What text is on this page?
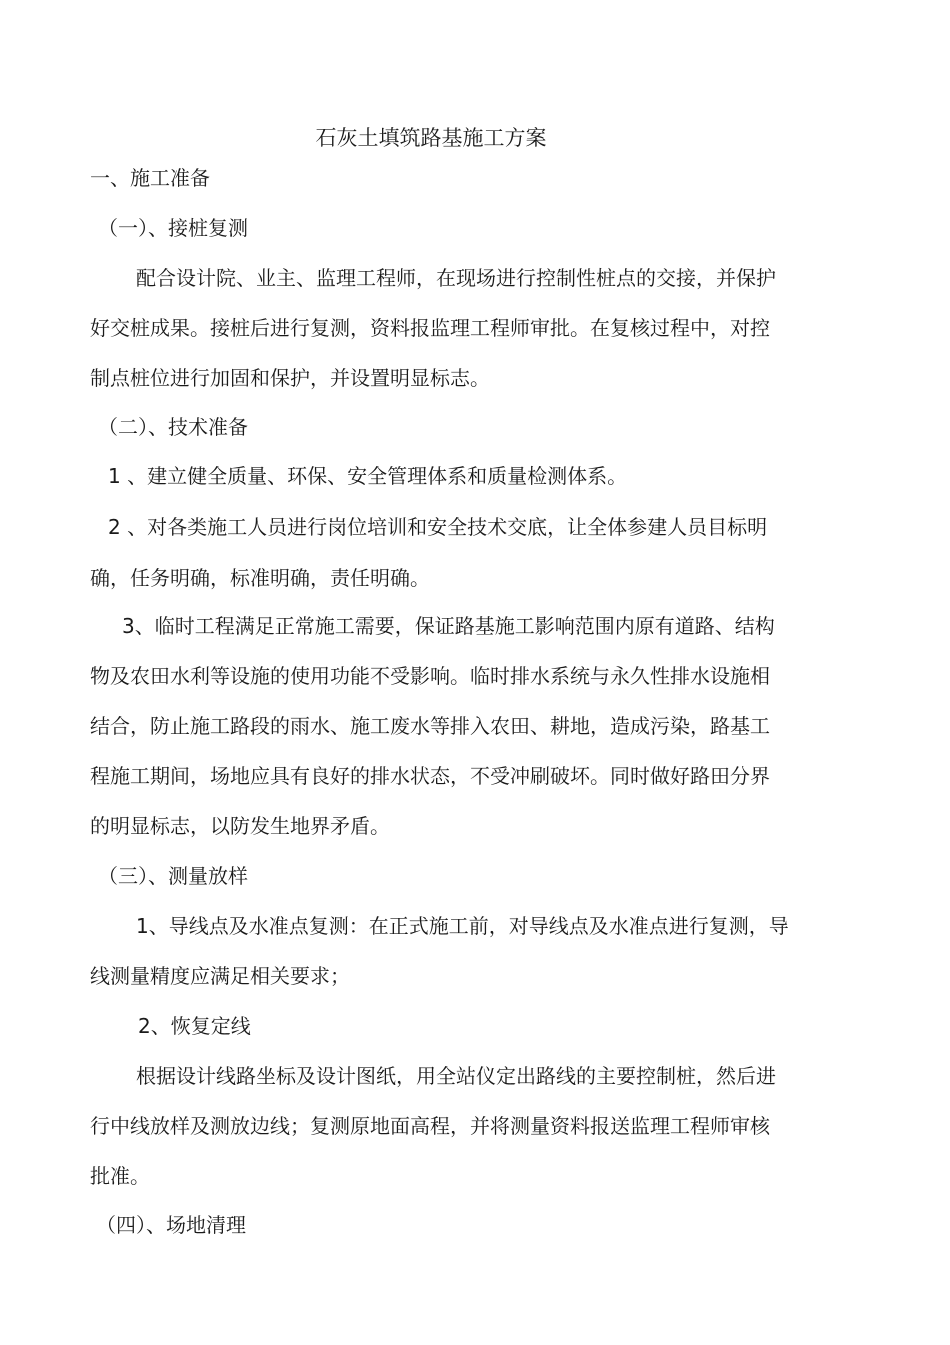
石灰土填筑路基施工方案
一、施工准备
（一）、接桩复测
配合设计院、业主、监理工程师，在现场进行控制性桩点的交接，并保护
好交桩成果。接桩后进行复测，资料报监理工程师审批。在复核过程中，对控
制点桩位进行加固和保护，并设置明显标志。
（二）、技术准备
1 、建立健全质量、环保、安全管理体系和质量检测体系。
2 、对各类施工人员进行岗位培训和安全技术交底，让全体参建人员目标明
确，任务明确，标准明确，责任明确。
3、临时工程满足正常施工需要，保证路基施工影响范围内原有道路、结构
物及农田水利等设施的使用功能不受影响。临时排水系统与永久性排水设施相
结合，防止施工路段的雨水、施工废水等排入农田、耕地，造成污染，路基工
程施工期间，场地应具有良好的排水状态，不受冲刷破坏。同时做好路田分界
的明显标志，以防发生地界矛盾。
（三）、测量放样
1、导线点及水准点复测：在正式施工前，对导线点及水准点进行复测，导
线测量精度应满足相关要求；
2、恢复定线
根据设计线路坐标及设计图纸，用全站仪定出路线的主要控制桩，然后进
行中线放样及测放边线；复测原地面高程，并将测量资料报送监理工程师审核
批准。
（四）、场地清理
